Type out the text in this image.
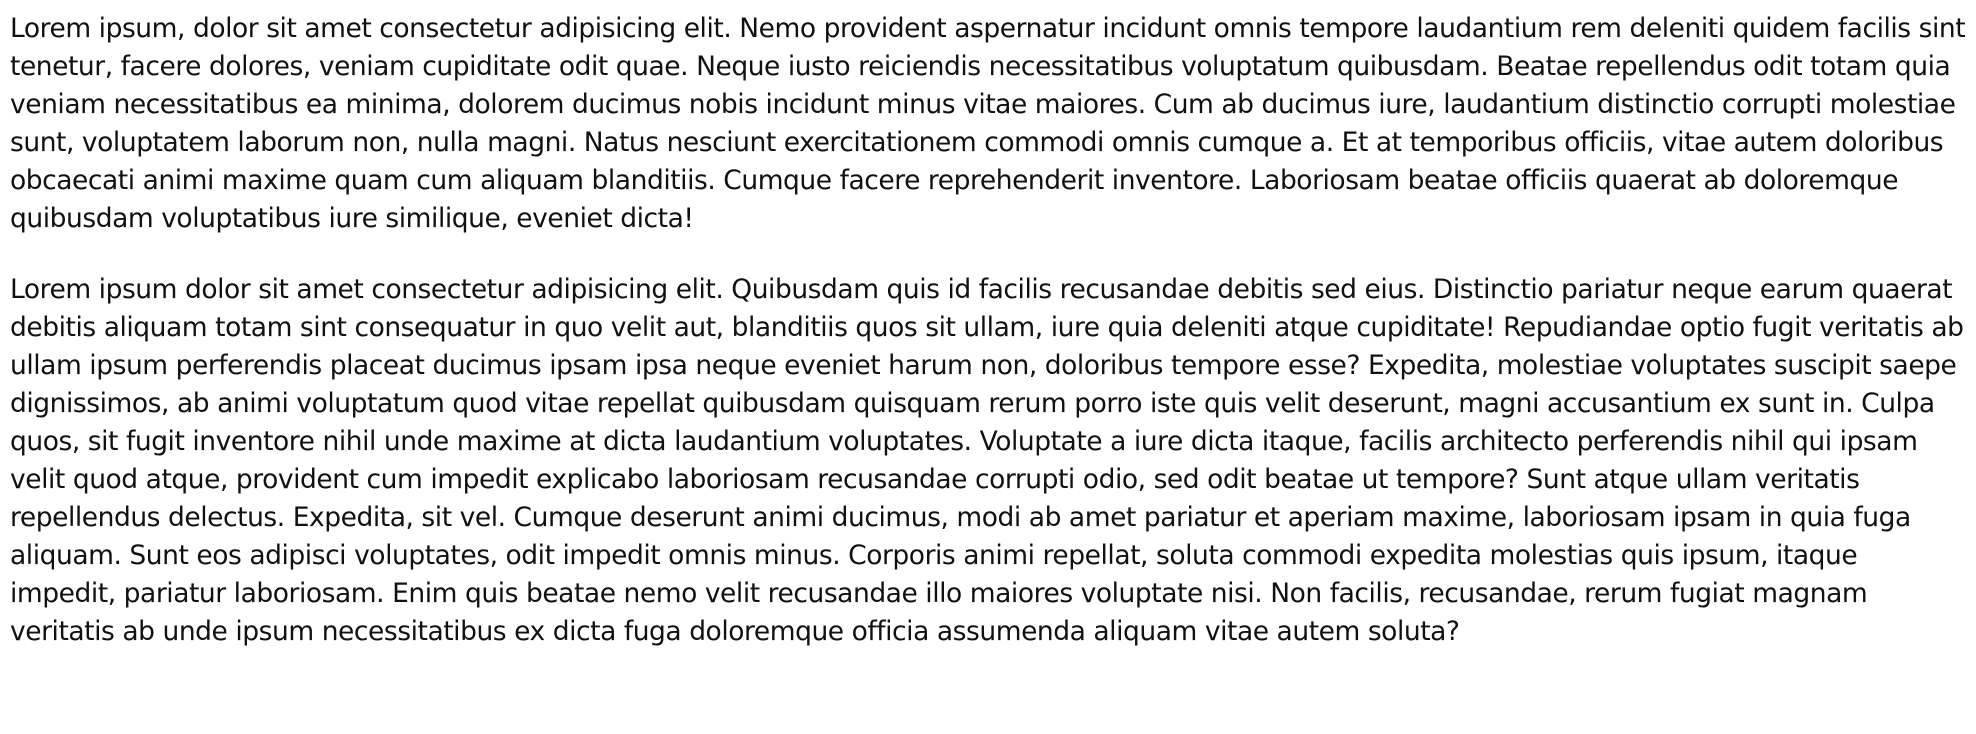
Lorem ipsum, dolor sit amet consectetur adipisicing elit. Nemo provident aspernatur incidunt omnis tempore laudantium rem deleniti quidem facilis sint tenetur, facere dolores, veniam cupiditate odit quae. Neque iusto reiciendis necessitatibus voluptatum quibusdam. Beatae repellendus odit totam quia veniam necessitatibus ea minima, dolorem ducimus nobis incidunt minus vitae maiores. Cum ab ducimus iure, laudantium distinctio corrupti molestiae sunt, voluptatem laborum non, nulla magni. Natus nesciunt exercitationem commodi omnis cumque a. Et at temporibus officiis, vitae autem doloribus obcaecati animi maxime quam cum aliquam blanditiis. Cumque facere reprehenderit inventore. Laboriosam beatae officiis quaerat ab doloremque quibusdam voluptatibus iure similique, eveniet dicta!

Lorem ipsum dolor sit amet consectetur adipisicing elit. Quibusdam quis id facilis recusandae debitis sed eius. Distinctio pariatur neque earum quaerat debitis aliquam totam sint consequatur in quo velit aut, blanditiis quos sit ullam, iure quia deleniti atque cupiditate! Repudiandae optio fugit veritatis ab ullam ipsum perferendis placeat ducimus ipsam ipsa neque eveniet harum non, doloribus tempore esse? Expedita, molestiae voluptates suscipit saepe dignissimos, ab animi voluptatum quod vitae repellat quibusdam quisquam rerum porro iste quis velit deserunt, magni accusantium ex sunt in. Culpa quos, sit fugit inventore nihil unde maxime at dicta laudantium voluptates. Voluptate a iure dicta itaque, facilis architecto perferendis nihil qui ipsam velit quod atque, provident cum impedit explicabo laboriosam recusandae corrupti odio, sed odit beatae ut tempore? Sunt atque ullam veritatis repellendus delectus. Expedita, sit vel. Cumque deserunt animi ducimus, modi ab amet pariatur et aperiam maxime, laboriosam ipsam in quia fuga aliquam. Sunt eos adipisci voluptates, odit impedit omnis minus. Corporis animi repellat, soluta commodi expedita molestias quis ipsum, itaque impedit, pariatur laboriosam. Enim quis beatae nemo velit recusandae illo maiores voluptate nisi. Non facilis, recusandae, rerum fugiat magnam veritatis ab unde ipsum necessitatibus ex dicta fuga doloremque officia assumenda aliquam vitae autem soluta?
